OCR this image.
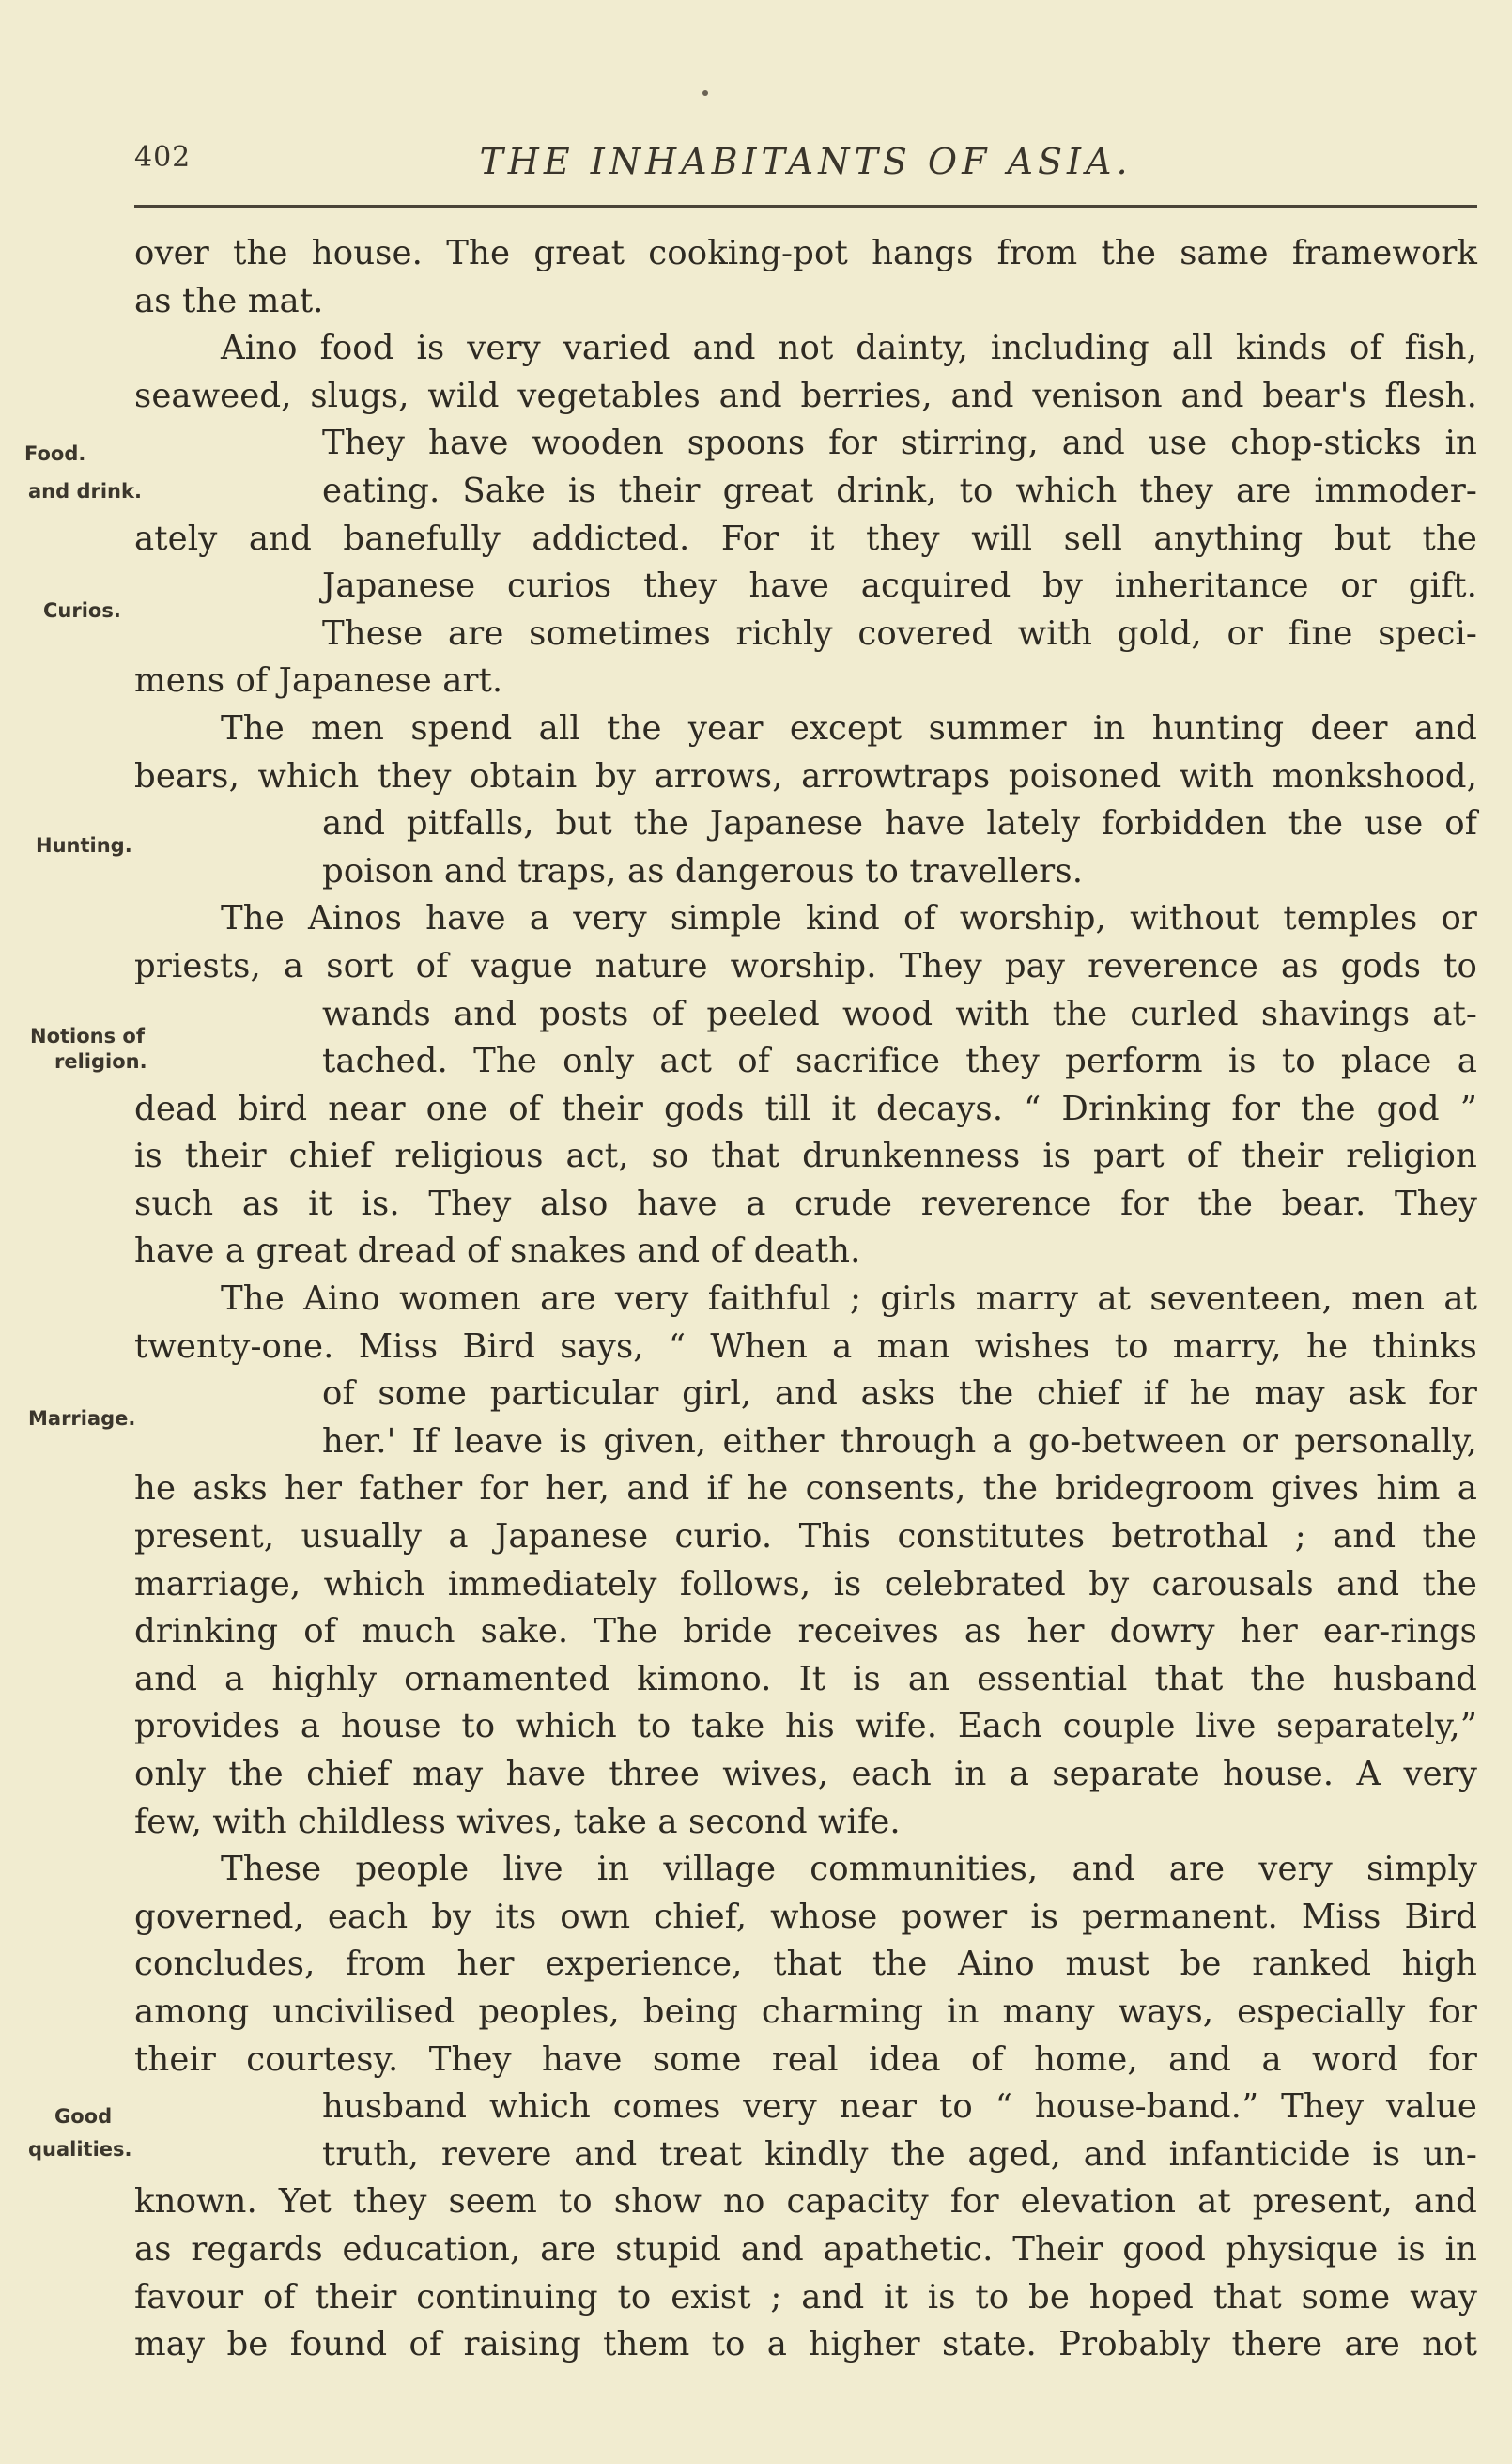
402	THE INHABITANTS OF ASIA.
over the house. The great cooking-pot hangs from the same framework
as the mat.
Aino food is very varied and not dainty, including all kinds of fish,
seaweed, slugs, wild vegetables and berries, and venison and bear's flesh.
They have wooden spoons for stirring, and use chop-sticks in
eating. Sake is their great drink, to which they are immoder-
ately and banefully addicted. For it they will sell anything but the
Japanese curios they have acquired by inheritance or gift.
These are sometimes richly covered with gold, or fine speci-
mens of Japanese art.
The men spend all the year except summer in hunting deer and
bears, which they obtain by arrows, arrowtraps poisoned with monkshood,
and pitfalls, but the Japanese have lately forbidden the use of
poison and traps, as dangerous to travellers.
The Ainos have a very simple kind of worship, without temples or
priests, a sort of vague nature worship. They pay reverence as gods to
wands and posts of peeled wood with the curled shavings at-
tached. The only act of sacrifice they perform is to place a
dead bird near one of their gods till it decays. “ Drinking for the god ”
is their chief religious act, so that drunkenness is part of their religion
such as it is. They also have a crude reverence for the bear. They
have a great dread of snakes and of death.
The Aino women are very faithful ; girls marry at seventeen, men at
twenty-one. Miss Bird says, “ When a man wishes to marry, he thinks
of some particular girl, and asks the chief if he may ask for
her.' If leave is given, either through a go-between or personally,
he asks her father for her, and if he consents, the bridegroom gives him a
present, usually a Japanese curio. This constitutes betrothal ; and the
marriage, which immediately follows, is celebrated by carousals and the
drinking of much sake. The bride receives as her dowry her ear-rings
and a highly ornamented kimono. It is an essential that the husband
provides a house to which to take his wife. Each couple live separately,”
only the chief may have three wives, each in a separate house. A very
few, with childless wives, take a second wife.
These people live in village communities, and are very simply
governed, each by its own chief, whose power is permanent. Miss Bird
concludes, from her experience, that the Aino must be ranked high
among uncivilised peoples, being charming in many ways, especially for
their courtesy. They have some real idea of home, and a word for
husband which comes very near to “ house-band.” They value
truth, revere and treat kindly the aged, and infanticide is un-
known. Yet they seem to show no capacity for elevation at present, and
as regards education, are stupid and apathetic. Their good physique is in
favour of their continuing to exist ; and it is to be hoped that some way
may be found of raising them to a higher state. Probably there are not
Food.
and drink.
Curios.
Hunting.
Notions of
religion.
Marriage.
Good
qualities.
